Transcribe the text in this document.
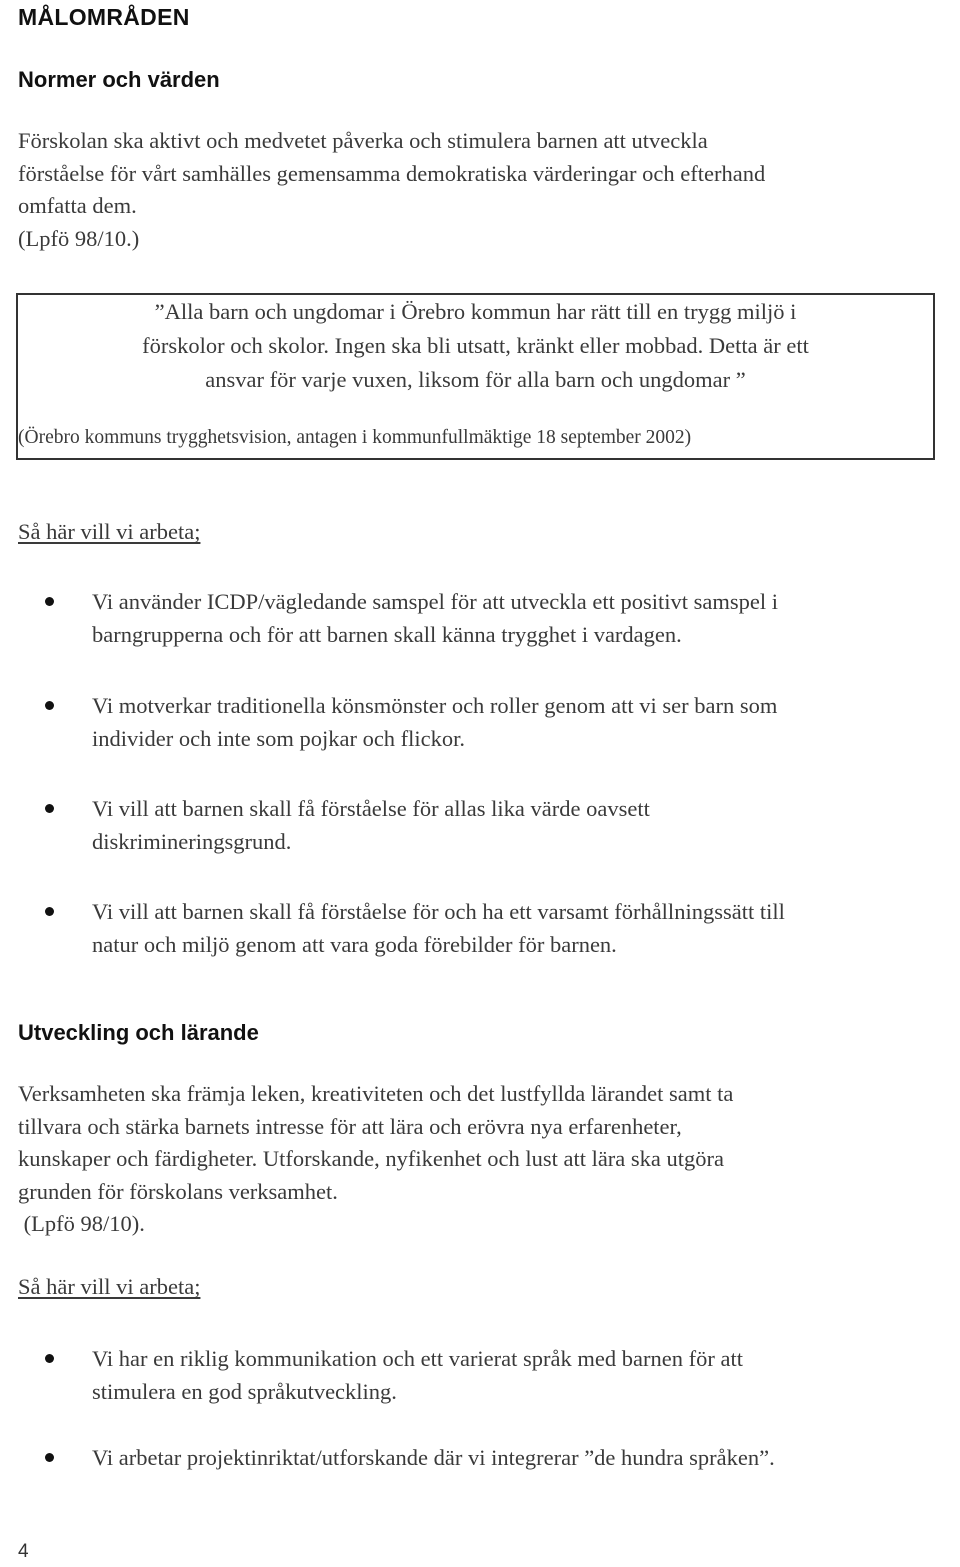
MÅLOMRÅDEN
Normer och värden
Förskolan ska aktivt och medvetet påverka och stimulera barnen att utveckla
förståelse för vårt samhälles gemensamma demokratiska värderingar och efterhand
omfatta dem.
(Lpfö 98/10.)
”Alla barn och ungdomar i Örebro kommun har rätt till en trygg miljö i
förskolor och skolor. Ingen ska bli utsatt, kränkt eller mobbad. Detta är ett
ansvar för varje vuxen, liksom för alla barn och ungdomar ”
(Örebro kommuns trygghetsvision, antagen i kommunfullmäktige 18 september 2002)
Så här vill vi arbeta;
Vi använder ICDP/vägledande samspel för att utveckla ett positivt samspel i
barngrupperna och för att barnen skall känna trygghet i vardagen.
Vi motverkar traditionella könsmönster och roller genom att vi ser barn som
individer och inte som pojkar och flickor.
Vi vill att barnen skall få förståelse för allas lika värde oavsett
diskrimineringsgrund.
Vi vill att barnen skall få förståelse för och ha ett varsamt förhållningssätt till
natur och miljö genom att vara goda förebilder för barnen.
Utveckling och lärande
Verksamheten ska främja leken, kreativiteten och det lustfyllda lärandet samt ta
tillvara och stärka barnets intresse för att lära och erövra nya erfarenheter,
kunskaper och färdigheter. Utforskande, nyfikenhet och lust att lära ska utgöra
grunden för förskolans verksamhet.
(Lpfö 98/10).
Så här vill vi arbeta;
Vi har en riklig kommunikation och ett varierat språk med barnen för att
stimulera en god språkutveckling.
Vi arbetar projektinriktat/utforskande där vi integrerar ”de hundra språken”.
4
